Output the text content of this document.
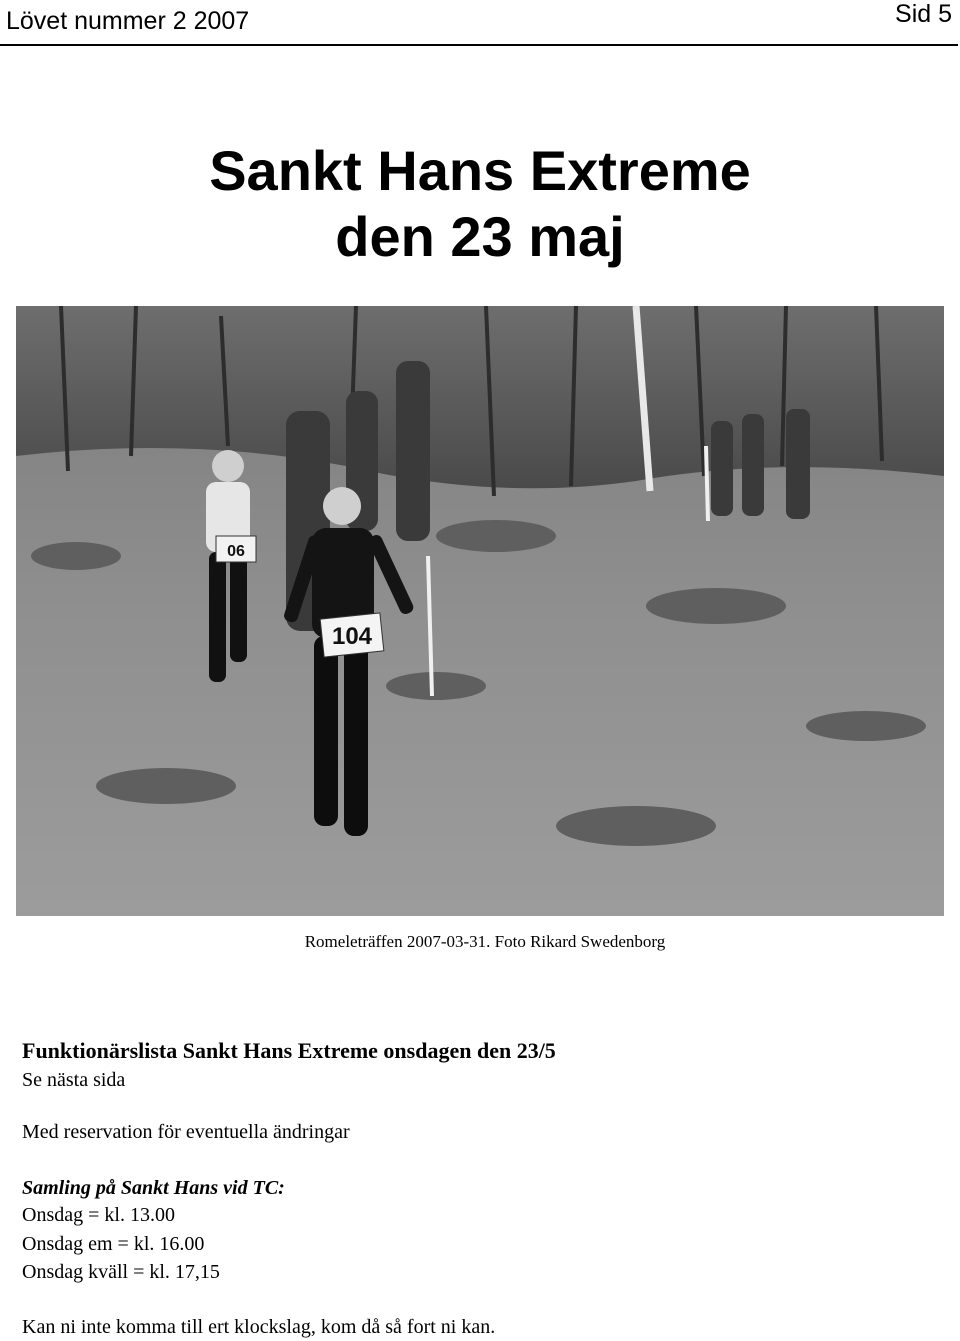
Lövet nummer 2 2007	Sid 5
Sankt Hans Extreme
den 23 maj
06
104
Romeleträffen 2007-03-31. Foto Rikard Swedenborg
Funktionärslista Sankt Hans Extreme onsdagen den 23/5
Se nästa sida
Med reservation för eventuella ändringar
Samling på Sankt Hans vid TC:
Onsdag = kl. 13.00
Onsdag em = kl. 16.00
Onsdag kväll = kl. 17,15
Kan ni inte komma till ert klockslag, kom då så fort ni kan.
